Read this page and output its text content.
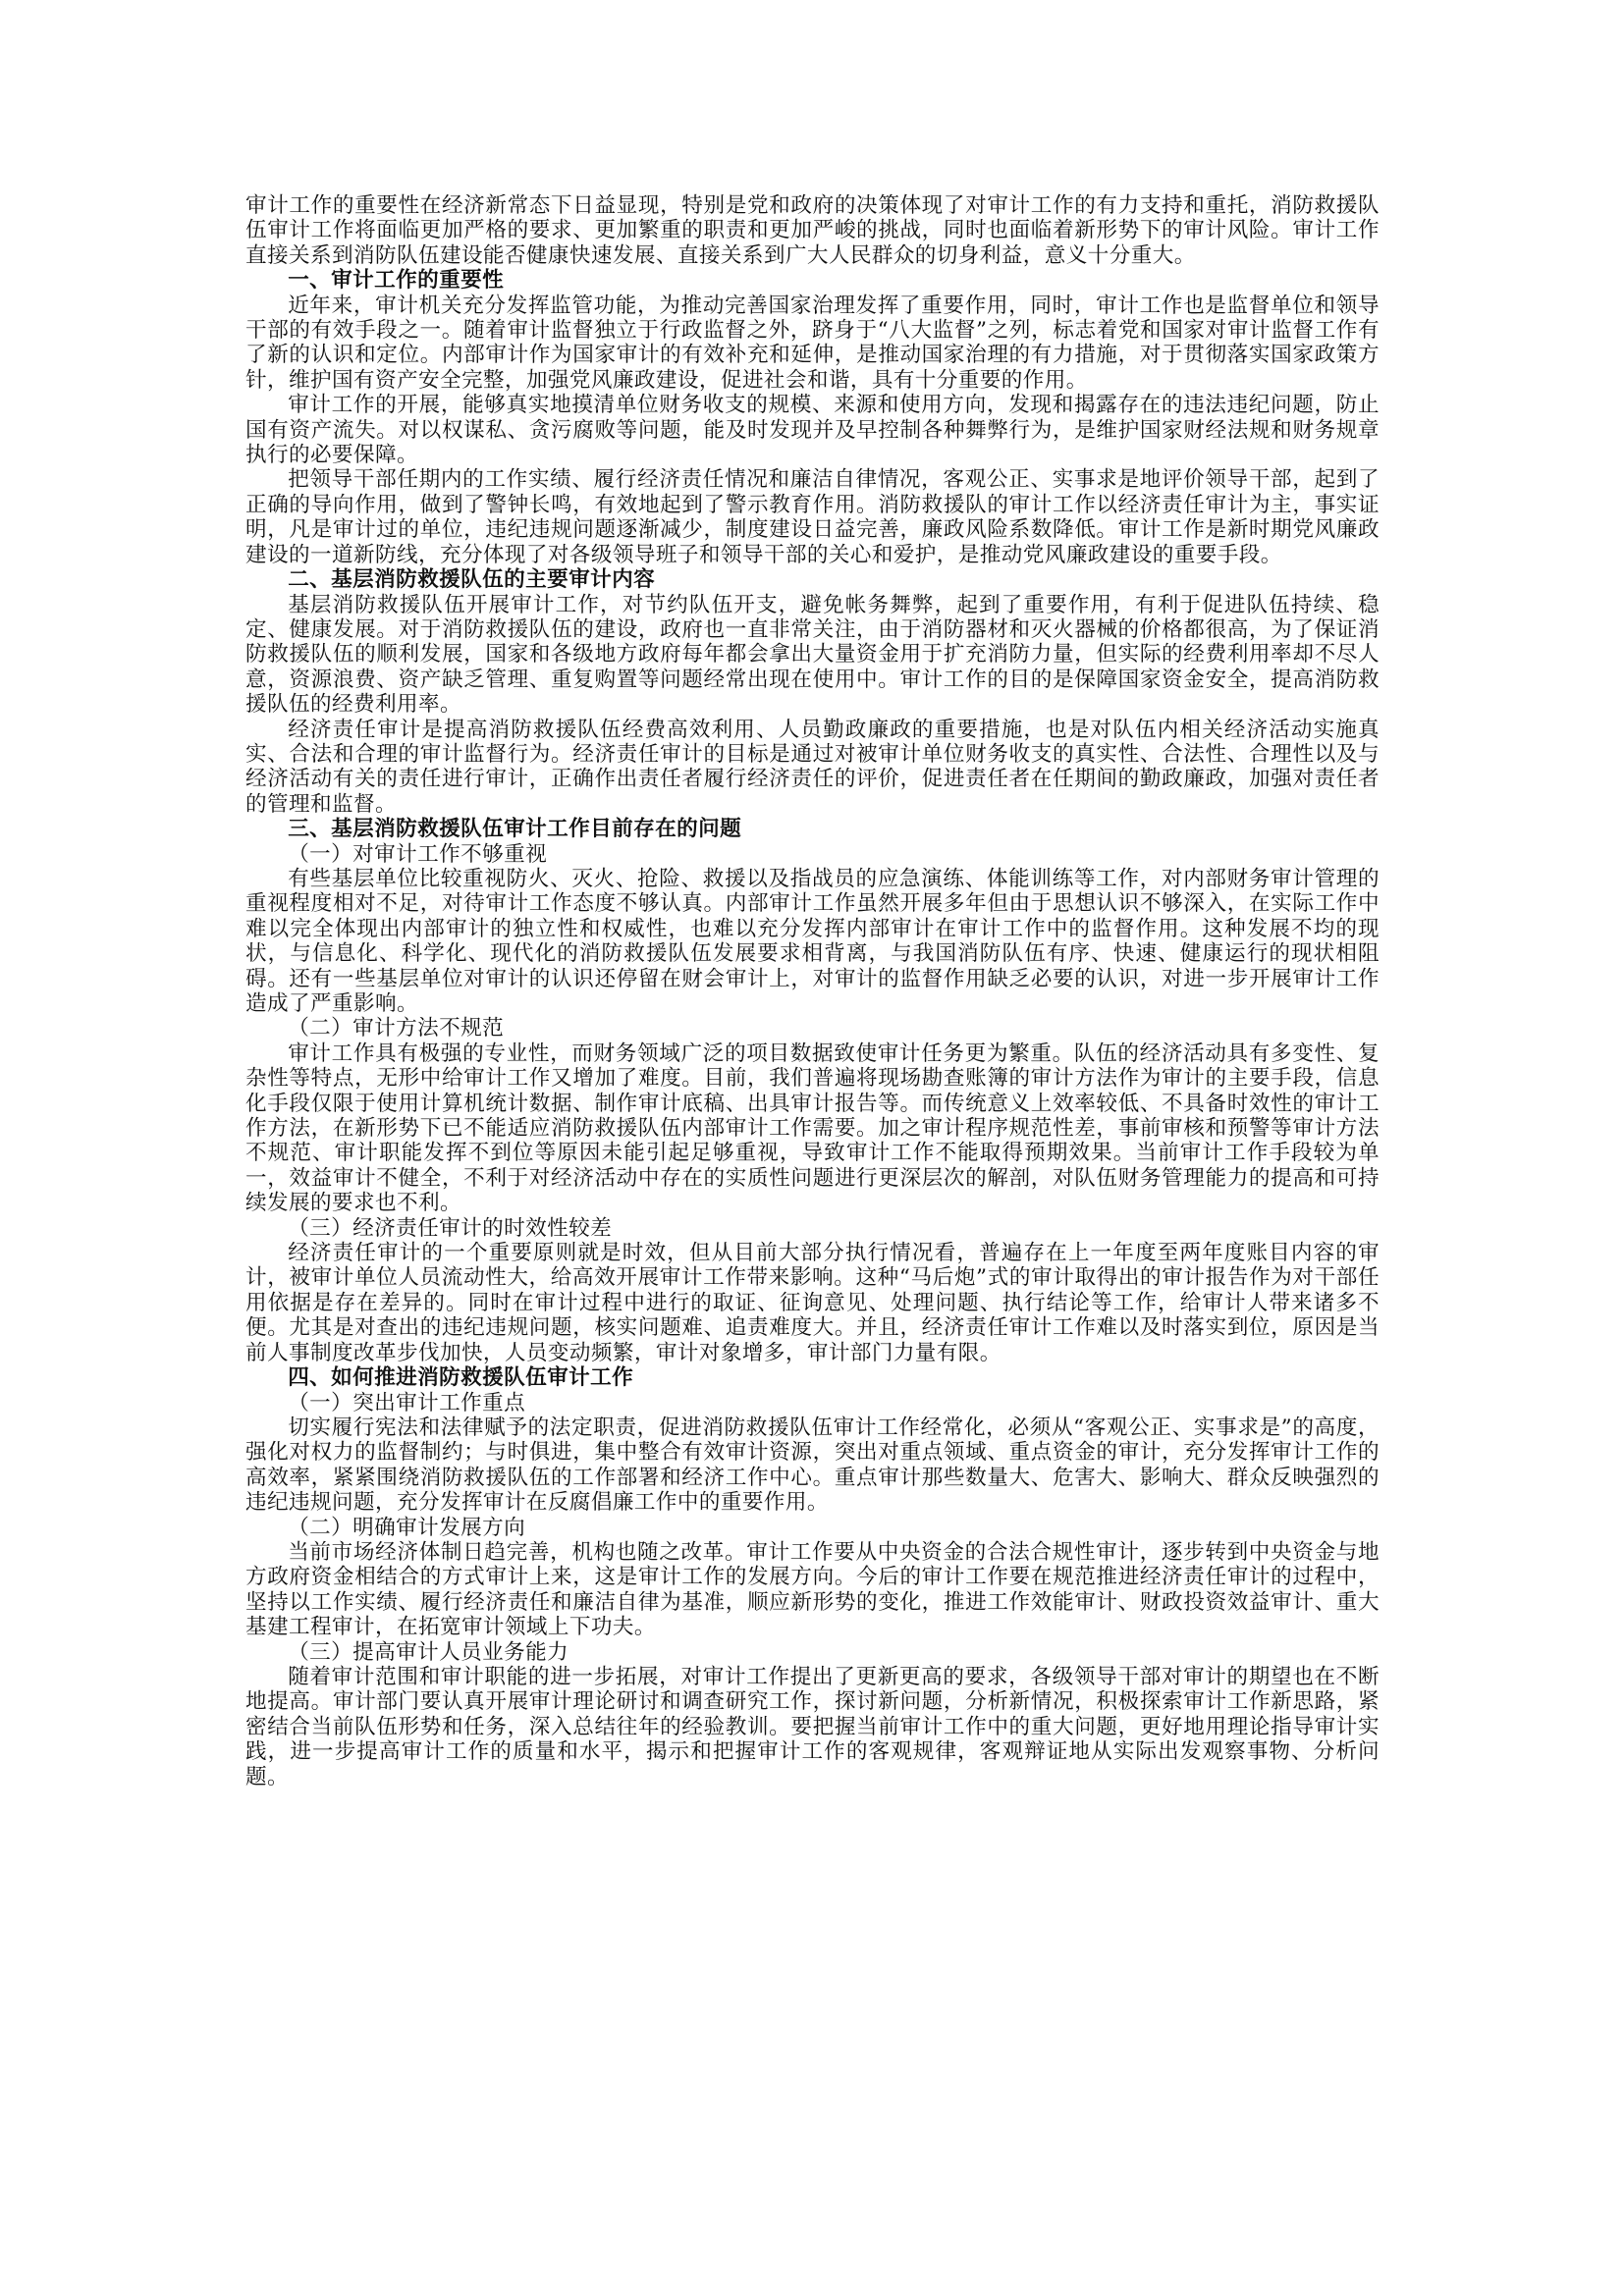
审计工作的重要性在经济新常态下日益显现，特别是党和政府的决策体现了对审计工作的有力支持和重托，消防救援队伍审计工作将面临更加严格的要求、更加繁重的职责和更加严峻的挑战，同时也面临着新形势下的审计风险。审计工作直接关系到消防队伍建设能否健康快速发展、直接关系到广大人民群众的切身利益，意义十分重大。

一、审计工作的重要性

近年来，审计机关充分发挥监管功能，为推动完善国家治理发挥了重要作用，同时，审计工作也是监督单位和领导干部的有效手段之一。随着审计监督独立于行政监督之外，跻身于“八大监督”之列，标志着党和国家对审计监督工作有了新的认识和定位。内部审计作为国家审计的有效补充和延伸，是推动国家治理的有力措施，对于贯彻落实国家政策方针，维护国有资产安全完整，加强党风廉政建设，促进社会和谐，具有十分重要的作用。

审计工作的开展，能够真实地摸清单位财务收支的规模、来源和使用方向，发现和揭露存在的违法违纪问题，防止国有资产流失。对以权谋私、贪污腐败等问题，能及时发现并及早控制各种舞弊行为，是维护国家财经法规和财务规章执行的必要保障。

把领导干部任期内的工作实绩、履行经济责任情况和廉洁自律情况，客观公正、实事求是地评价领导干部，起到了正确的导向作用，做到了警钟长鸣，有效地起到了警示教育作用。消防救援队的审计工作以经济责任审计为主，事实证明，凡是审计过的单位，违纪违规问题逐渐减少，制度建设日益完善，廉政风险系数降低。审计工作是新时期党风廉政建设的一道新防线，充分体现了对各级领导班子和领导干部的关心和爱护，是推动党风廉政建设的重要手段。

二、基层消防救援队伍的主要审计内容

基层消防救援队伍开展审计工作，对节约队伍开支，避免帐务舞弊，起到了重要作用，有利于促进队伍持续、稳定、健康发展。对于消防救援队伍的建设，政府也一直非常关注，由于消防器材和灭火器械的价格都很高，为了保证消防救援队伍的顺利发展，国家和各级地方政府每年都会拿出大量资金用于扩充消防力量，但实际的经费利用率却不尽人意，资源浪费、资产缺乏管理、重复购置等问题经常出现在使用中。审计工作的目的是保障国家资金安全，提高消防救援队伍的经费利用率。

经济责任审计是提高消防救援队伍经费高效利用、人员勤政廉政的重要措施，也是对队伍内相关经济活动实施真实、合法和合理的审计监督行为。经济责任审计的目标是通过对被审计单位财务收支的真实性、合法性、合理性以及与经济活动有关的责任进行审计，正确作出责任者履行经济责任的评价，促进责任者在任期间的勤政廉政，加强对责任者的管理和监督。

三、基层消防救援队伍审计工作目前存在的问题
（一）对审计工作不够重视

有些基层单位比较重视防火、灭火、抢险、救援以及指战员的应急演练、体能训练等工作，对内部财务审计管理的重视程度相对不足，对待审计工作态度不够认真。内部审计工作虽然开展多年但由于思想认识不够深入，在实际工作中难以完全体现出内部审计的独立性和权威性，也难以充分发挥内部审计在审计工作中的监督作用。这种发展不均的现状，与信息化、科学化、现代化的消防救援队伍发展要求相背离，与我国消防队伍有序、快速、健康运行的现状相阻碍。还有一些基层单位对审计的认识还停留在财会审计上，对审计的监督作用缺乏必要的认识，对进一步开展审计工作造成了严重影响。

（二）审计方法不规范

审计工作具有极强的专业性，而财务领域广泛的项目数据致使审计任务更为繁重。队伍的经济活动具有多变性、复杂性等特点，无形中给审计工作又增加了难度。目前，我们普遍将现场勘查账簿的审计方法作为审计的主要手段，信息化手段仅限于使用计算机统计数据、制作审计底稿、出具审计报告等。而传统意义上效率较低、不具备时效性的审计工作方法，在新形势下已不能适应消防救援队伍内部审计工作需要。加之审计程序规范性差，事前审核和预警等审计方法不规范、审计职能发挥不到位等原因未能引起足够重视，导致审计工作不能取得预期效果。当前审计工作手段较为单一，效益审计不健全，不利于对经济活动中存在的实质性问题进行更深层次的解剖，对队伍财务管理能力的提高和可持续发展的要求也不利。

（三）经济责任审计的时效性较差

经济责任审计的一个重要原则就是时效，但从目前大部分执行情况看，普遍存在上一年度至两年度账目内容的审计，被审计单位人员流动性大，给高效开展审计工作带来影响。这种“马后炮”式的审计取得出的审计报告作为对干部任用依据是存在差异的。同时在审计过程中进行的取证、征询意见、处理问题、执行结论等工作，给审计人带来诸多不便。尤其是对查出的违纪违规问题，核实问题难、追责难度大。并且，经济责任审计工作难以及时落实到位，原因是当前人事制度改革步伐加快，人员变动频繁，审计对象增多，审计部门力量有限。

四、如何推进消防救援队伍审计工作
（一）突出审计工作重点

切实履行宪法和法律赋予的法定职责，促进消防救援队伍审计工作经常化，必须从“客观公正、实事求是”的高度，强化对权力的监督制约；与时俱进，集中整合有效审计资源，突出对重点领域、重点资金的审计，充分发挥审计工作的高效率，紧紧围绕消防救援队伍的工作部署和经济工作中心。重点审计那些数量大、危害大、影响大、群众反映强烈的违纪违规问题，充分发挥审计在反腐倡廉工作中的重要作用。

（二）明确审计发展方向

当前市场经济体制日趋完善，机构也随之改革。审计工作要从中央资金的合法合规性审计，逐步转到中央资金与地方政府资金相结合的方式审计上来，这是审计工作的发展方向。今后的审计工作要在规范推进经济责任审计的过程中，坚持以工作实绩、履行经济责任和廉洁自律为基准，顺应新形势的变化，推进工作效能审计、财政投资效益审计、重大基建工程审计，在拓宽审计领域上下功夫。

（三）提高审计人员业务能力

随着审计范围和审计职能的进一步拓展，对审计工作提出了更新更高的要求，各级领导干部对审计的期望也在不断地提高。审计部门要认真开展审计理论研讨和调查研究工作，探讨新问题，分析新情况，积极探索审计工作新思路，紧密结合当前队伍形势和任务，深入总结往年的经验教训。要把握当前审计工作中的重大问题，更好地用理论指导审计实践，进一步提高审计工作的质量和水平，揭示和把握审计工作的客观规律，客观辩证地从实际出发观察事物、分析问题。
